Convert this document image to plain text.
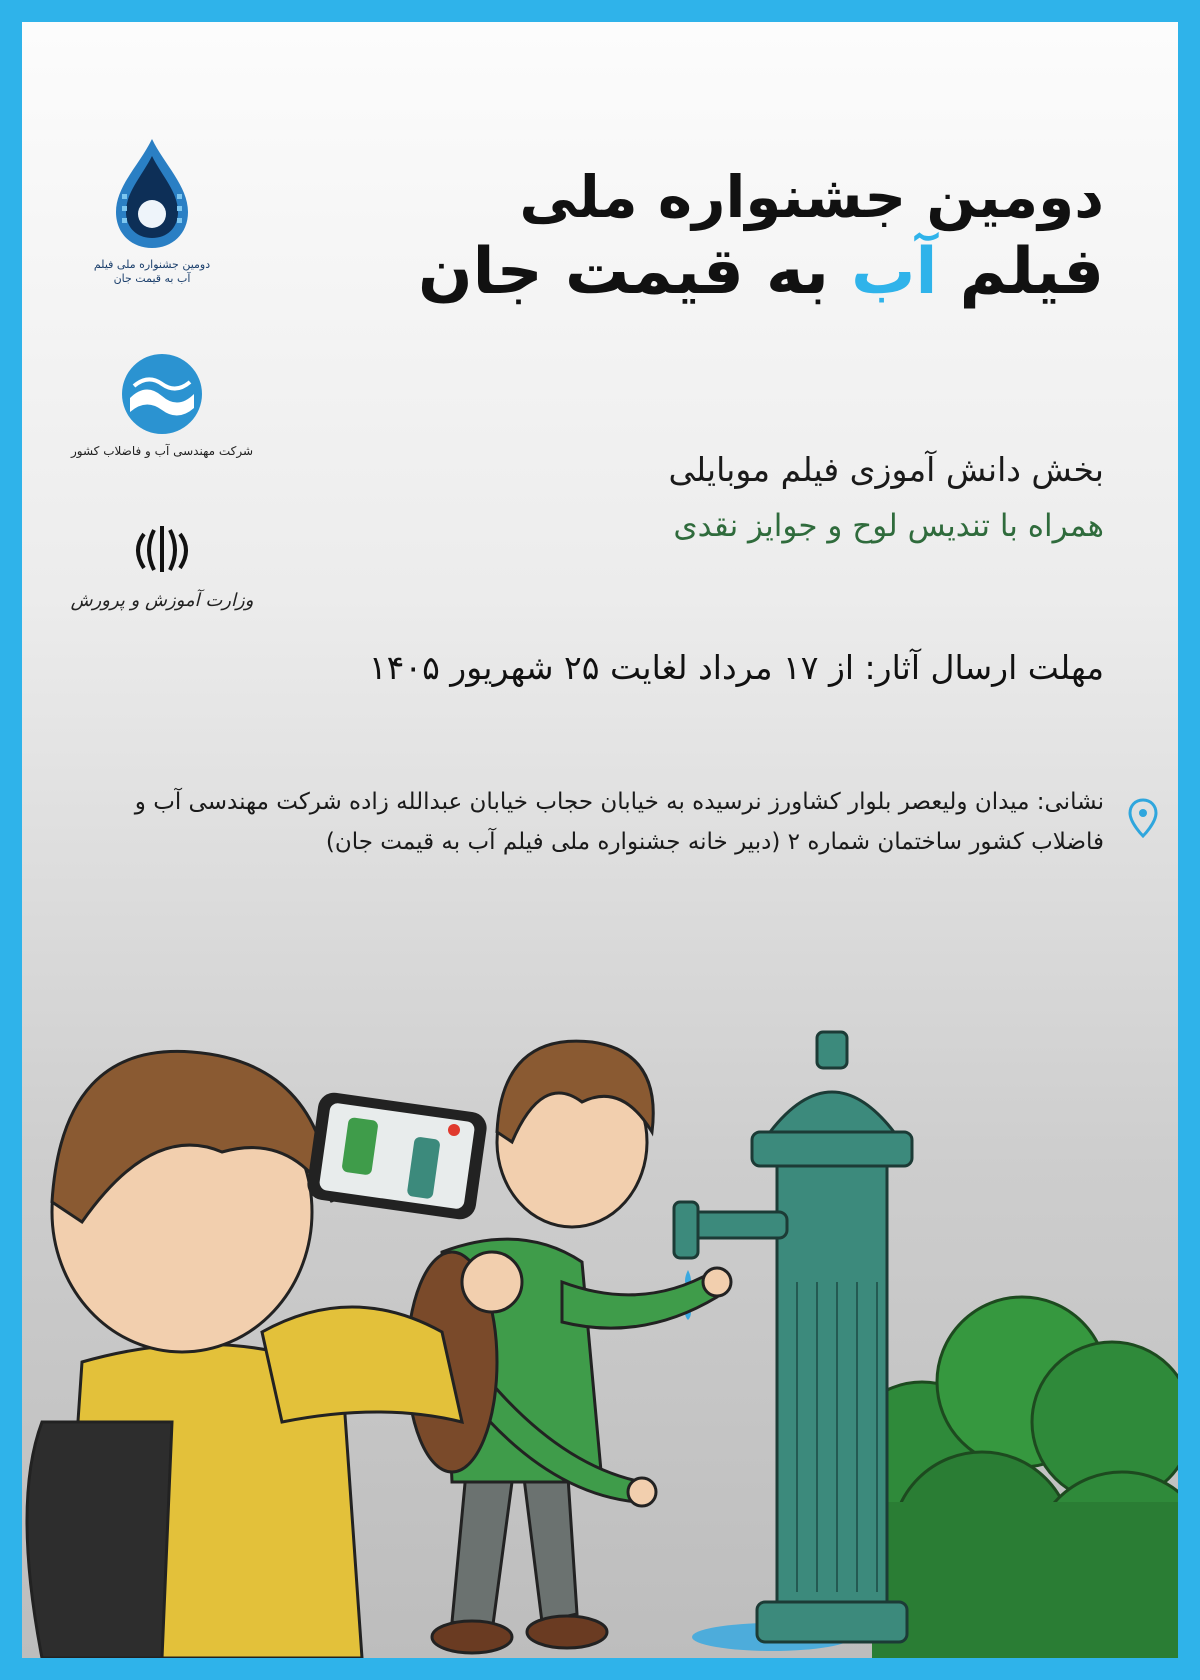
دومین جشنواره ملی فیلم
آب به قیمت جان
شرکت مهندسی آب و فاضلاب کشور
وزارت آموزش و پرورش
دومین جشنواره ملی
فیلم آب به قیمت جان
بخش دانش آموزی فیلم موبایلی
همراه با تندیس لوح و جوایز نقدی
مهلت ارسال آثار: از ۱۷ مرداد لغایت ۲۵ شهریور ۱۴۰۵
نشانی: میدان ولیعصر بلوار کشاورز نرسیده به خیابان حجاب خیابان عبدالله زاده شرکت مهندسی آب و فاضلاب کشور ساختمان شماره ۲ (دبیر خانه جشنواره ملی فیلم آب به قیمت جان)
